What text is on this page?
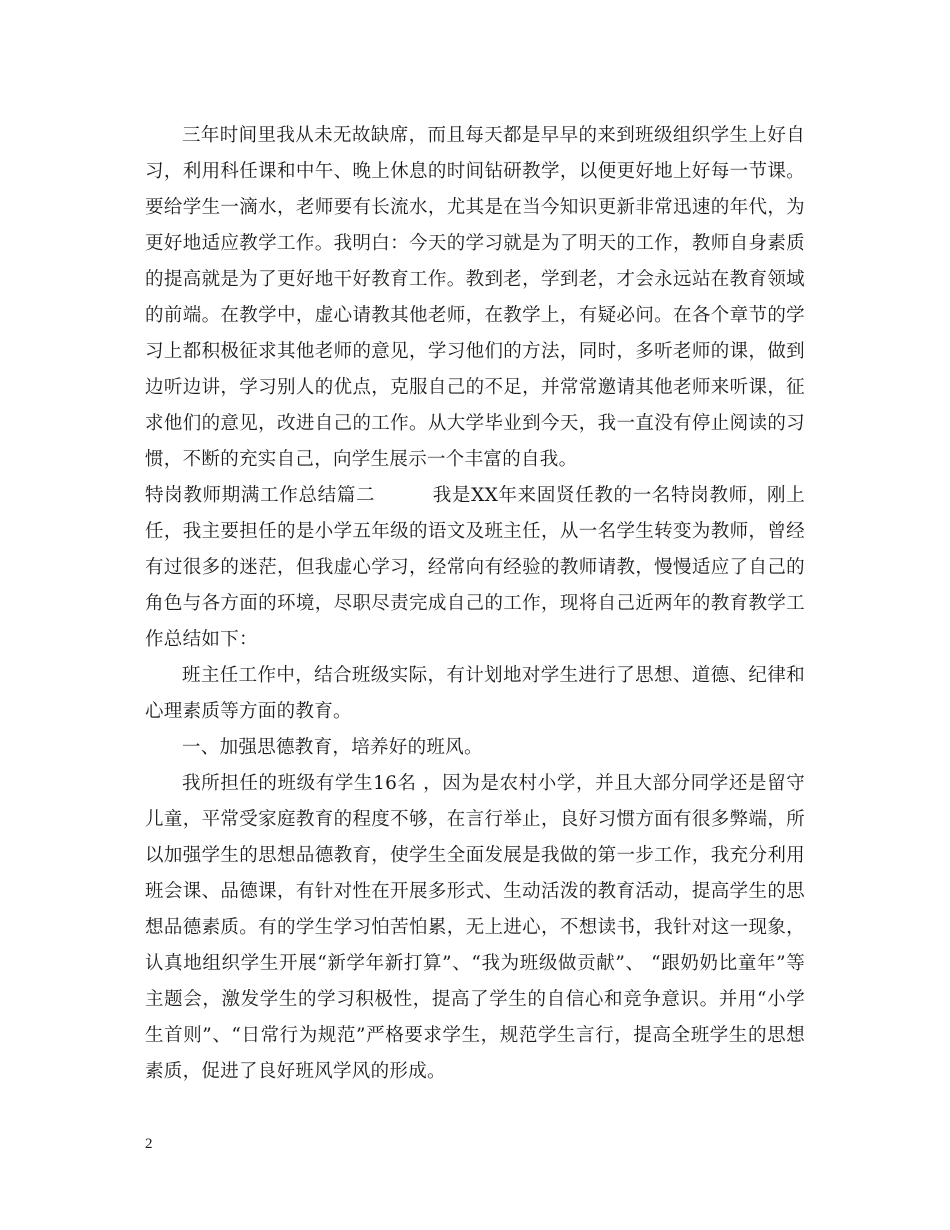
三年时间里我从未无故缺席，而且每天都是早早的来到班级组织学生上好自习，利用科任课和中午、晚上休息的时间钻研教学，以便更好地上好每一节课。要给学生一滴水，老师要有长流水，尤其是在当今知识更新非常迅速的年代，为更好地适应教学工作。我明白：今天的学习就是为了明天的工作，教师自身素质的提高就是为了更好地干好教育工作。教到老，学到老，才会永远站在教育领域的前端。在教学中，虚心请教其他老师，在教学上，有疑必问。在各个章节的学习上都积极征求其他老师的意见，学习他们的方法，同时，多听老师的课，做到边听边讲，学习别人的优点，克服自己的不足，并常常邀请其他老师来听课，征求他们的意见，改进自己的工作。从大学毕业到今天，我一直没有停止阅读的习惯，不断的充实自己，向学生展示一个丰富的自我。

特岗教师期满工作总结篇二　　　我是XX年来固贤任教的一名特岗教师，刚上任，我主要担任的是小学五年级的语文及班主任，从一名学生转变为教师，曾经有过很多的迷茫，但我虚心学习，经常向有经验的教师请教，慢慢适应了自己的角色与各方面的环境，尽职尽责完成自己的工作，现将自己近两年的教育教学工作总结如下：

班主任工作中，结合班级实际，有计划地对学生进行了思想、道德、纪律和心理素质等方面的教育。

一、加强思德教育，培养好的班风。

我所担任的班级有学生16名 ，因为是农村小学，并且大部分同学还是留守儿童，平常受家庭教育的程度不够，在言行举止，良好习惯方面有很多弊端，所以加强学生的思想品德教育，使学生全面发展是我做的第一步工作，我充分利用班会课、品德课，有针对性在开展多形式、生动活泼的教育活动，提高学生的思想品德素质。有的学生学习怕苦怕累，无上进心，不想读书，我针对这一现象，认真地组织学生开展“新学年新打算”、“我为班级做贡献”、 “跟奶奶比童年”等主题会，激发学生的学习积极性，提高了学生的自信心和竞争意识。并用“小学生首则”、“日常行为规范”严格要求学生，规范学生言行，提高全班学生的思想素质，促进了良好班风学风的形成。

2
